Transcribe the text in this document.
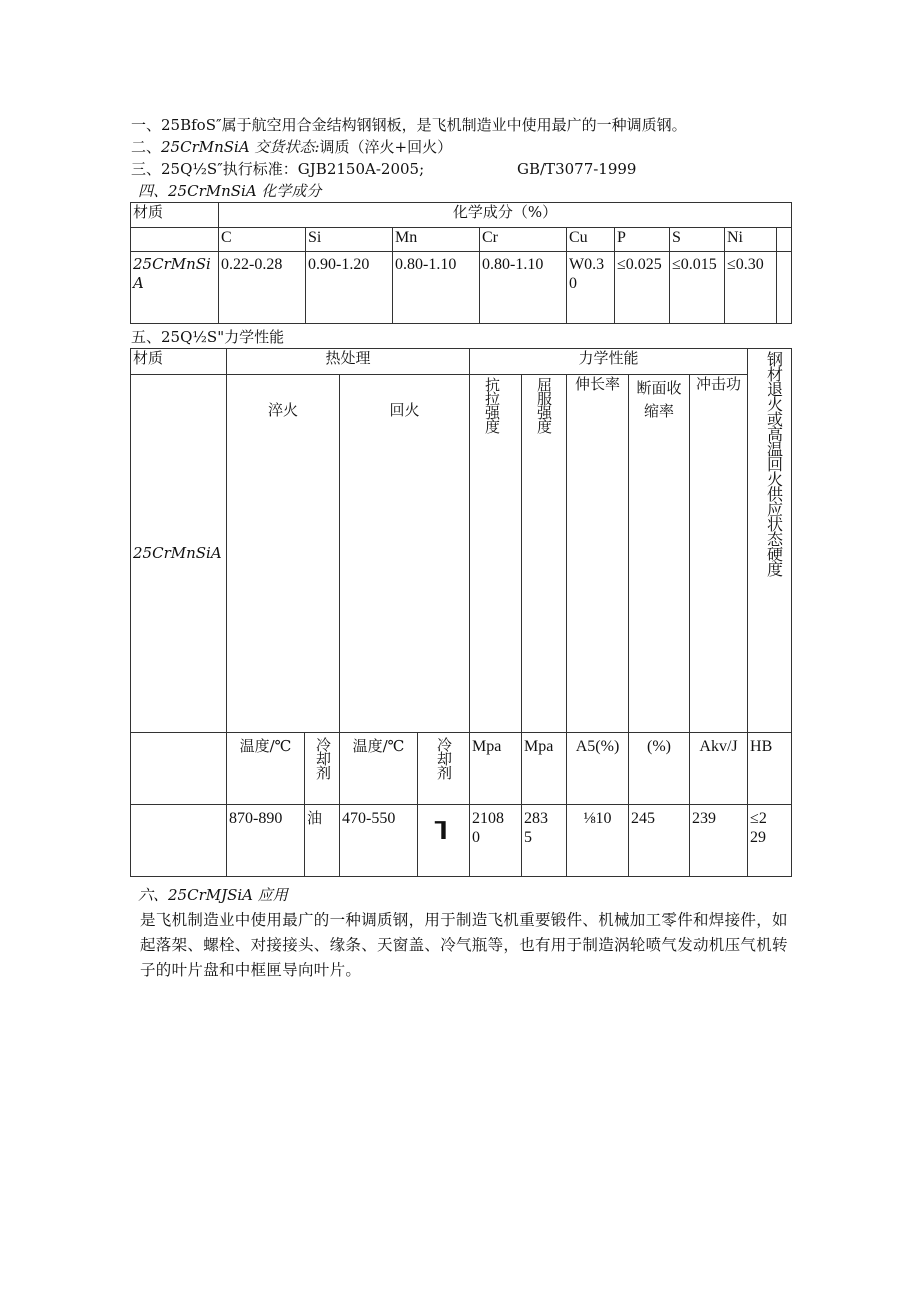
一、25BfoS″属于航空用合金结构钢钢板，是飞机制造业中使用最广的一种调质钢。
二、25CrMnSiA 交货状态:调质（淬火+回火）
三、25Q½S″执行标准：GJB2150A-2005;	GB/T3077-1999
四、25CrMnSiA 化学成分
材质	化学成分（%）								
	C	Si	Mn	Cr	Cu	P	S	Ni	
25CrMnSiA	0.22-0.28	0.90-1.20	0.80-1.10	0.80-1.10	W0.30	≤0.025	≤0.015	≤0.30	
五、25Q½S"力学性能
材质	热处理				力学性能					钢材退火或高温回火供应状态硬度
25CrMnSiA	淬火		回火		抗拉强度	屈服强度	伸长率	断面收缩率	冲击功	
	温度/℃	冷却剂	温度/℃	冷却剂	Mpa	Mpa	A5(%)	(%)	Akv/J	HB
	870-890	油	470-550	┒	21080	2835	⅛10	245	239	≤229
六、25CrMJSiA 应用
是飞机制造业中使用最广的一种调质钢，用于制造飞机重要锻件、机械加工零件和焊接件，如起落架、螺栓、对接接头、缘条、天窗盖、冷气瓶等，也有用于制造涡轮喷气发动机压气机转子的叶片盘和中框匣导向叶片。
